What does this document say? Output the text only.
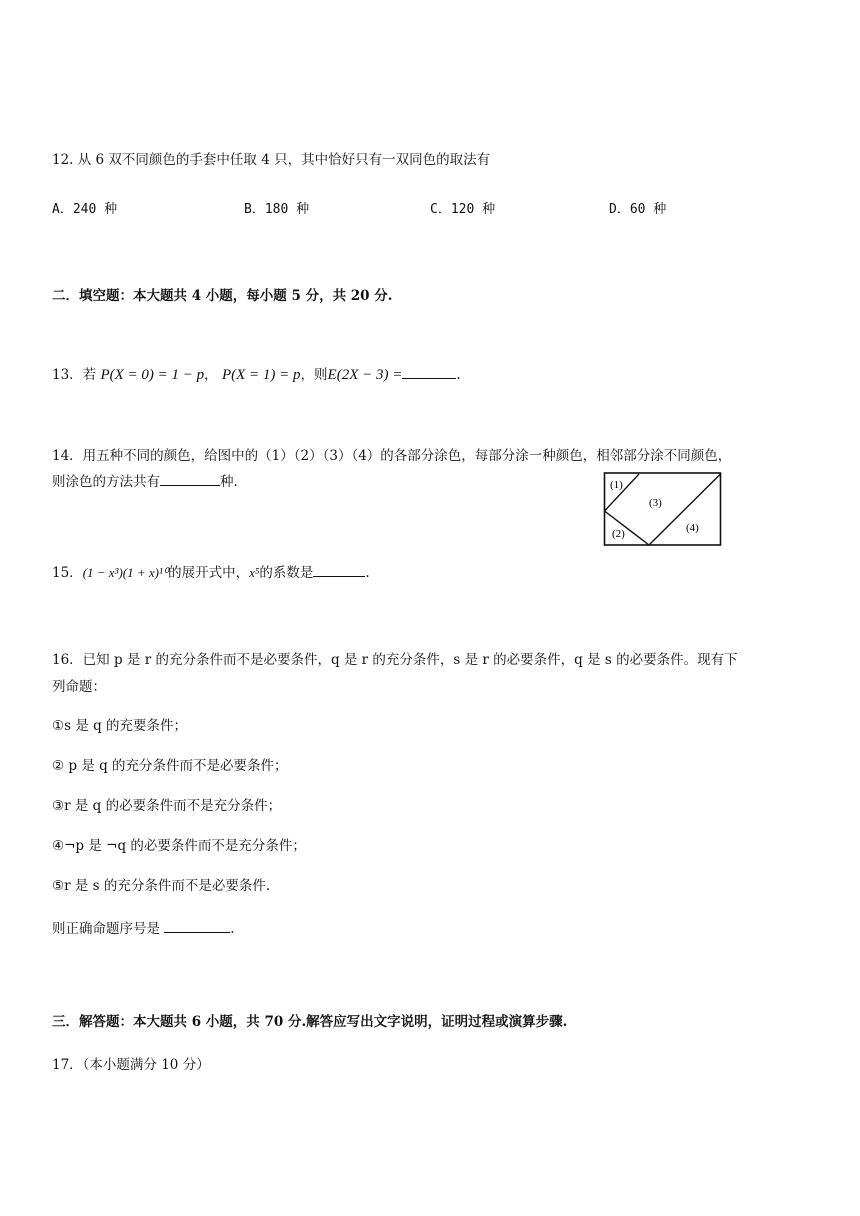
12. 从 6 双不同颜色的手套中任取 4 只，其中恰好只有一双同色的取法有
A．240 种	B．180 种	C．120 种	D．60 种
二．填空题：本大题共 4 小题，每小题 5 分，共 20 分.
13．若 P(X = 0) = 1 − p， P(X = 1) = p，则E(2X − 3) =	.
14．用五种不同的颜色，给图中的（1）（2）（3）（4）的各部分涂色，每部分涂一种颜色，相邻部分涂不同颜色，
则涂色的方法共有	种.	(1)
(2)
(3)
(4)
15．(1 − x³)(1 + x)¹⁰的展开式中，x⁵的系数是	.
16．已知 p 是 r 的充分条件而不是必要条件，q 是 r 的充分条件，s 是 r 的必要条件，q 是 s 的必要条件。现有下
列命题：
①s 是 q 的充要条件；
② p 是 q 的充分条件而不是必要条件；
③r 是 q 的必要条件而不是充分条件；
④¬p 是 ¬q 的必要条件而不是充分条件；
⑤r 是 s 的充分条件而不是必要条件.
则正确命题序号是	.
三．解答题：本大题共 6 小题，共 70 分.解答应写出文字说明，证明过程或演算步骤.
17．（本小题满分 10 分）
